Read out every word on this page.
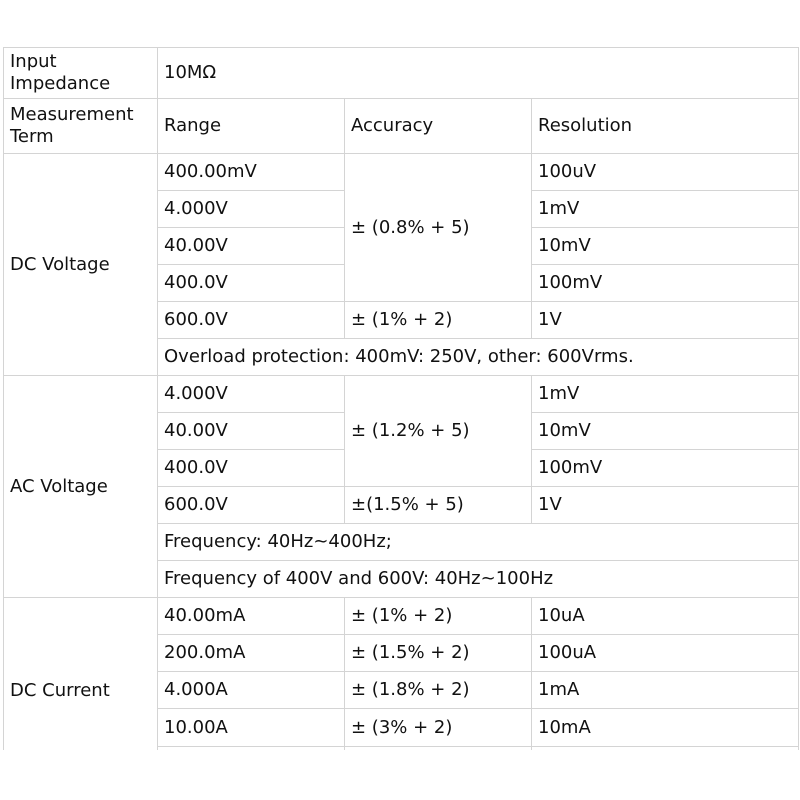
Input Impedance	10MΩ		
Measurement Term	Range	Accuracy	Resolution
DC Voltage	400.00mV	± (0.8% + 5)	100uV
	4.000V		1mV
	40.00V		10mV
	400.0V		100mV
	600.0V	± (1% + 2)	1V
	Overload protection: 400mV: 250V, other: 600Vrms.		
AC Voltage	4.000V	± (1.2% + 5)	1mV
	40.00V		10mV
	400.0V		100mV
	600.0V	±(1.5% + 5)	1V
	Frequency: 40Hz~400Hz;		
	Frequency of 400V and 600V: 40Hz~100Hz		
DC Current	40.00mA	± (1% + 2)	10uA
	200.0mA	± (1.5% + 2)	100uA
	4.000A	± (1.8% + 2)	1mA
	10.00A	± (3% + 2)	10mA
